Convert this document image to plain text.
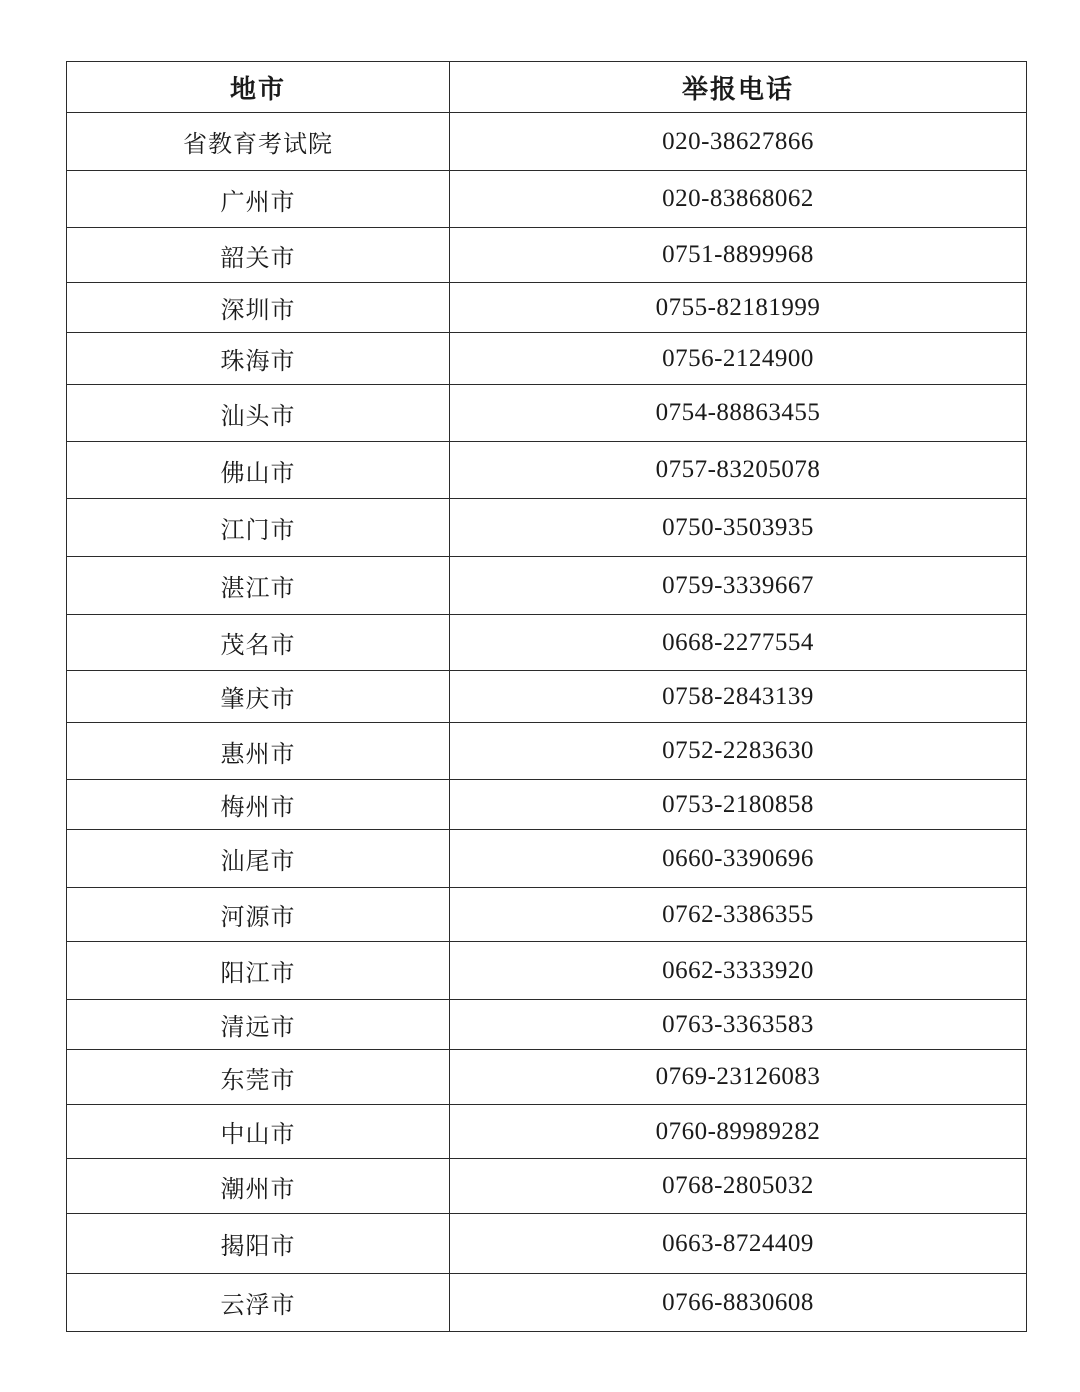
地市	举报电话
省教育考试院	020-38627866
广州市	020-83868062
韶关市	0751-8899968
深圳市	0755-82181999
珠海市	0756-2124900
汕头市	0754-88863455
佛山市	0757-83205078
江门市	0750-3503935
湛江市	0759-3339667
茂名市	0668-2277554
肇庆市	0758-2843139
惠州市	0752-2283630
梅州市	0753-2180858
汕尾市	0660-3390696
河源市	0762-3386355
阳江市	0662-3333920
清远市	0763-3363583
东莞市	0769-23126083
中山市	0760-89989282
潮州市	0768-2805032
揭阳市	0663-8724409
云浮市	0766-8830608
